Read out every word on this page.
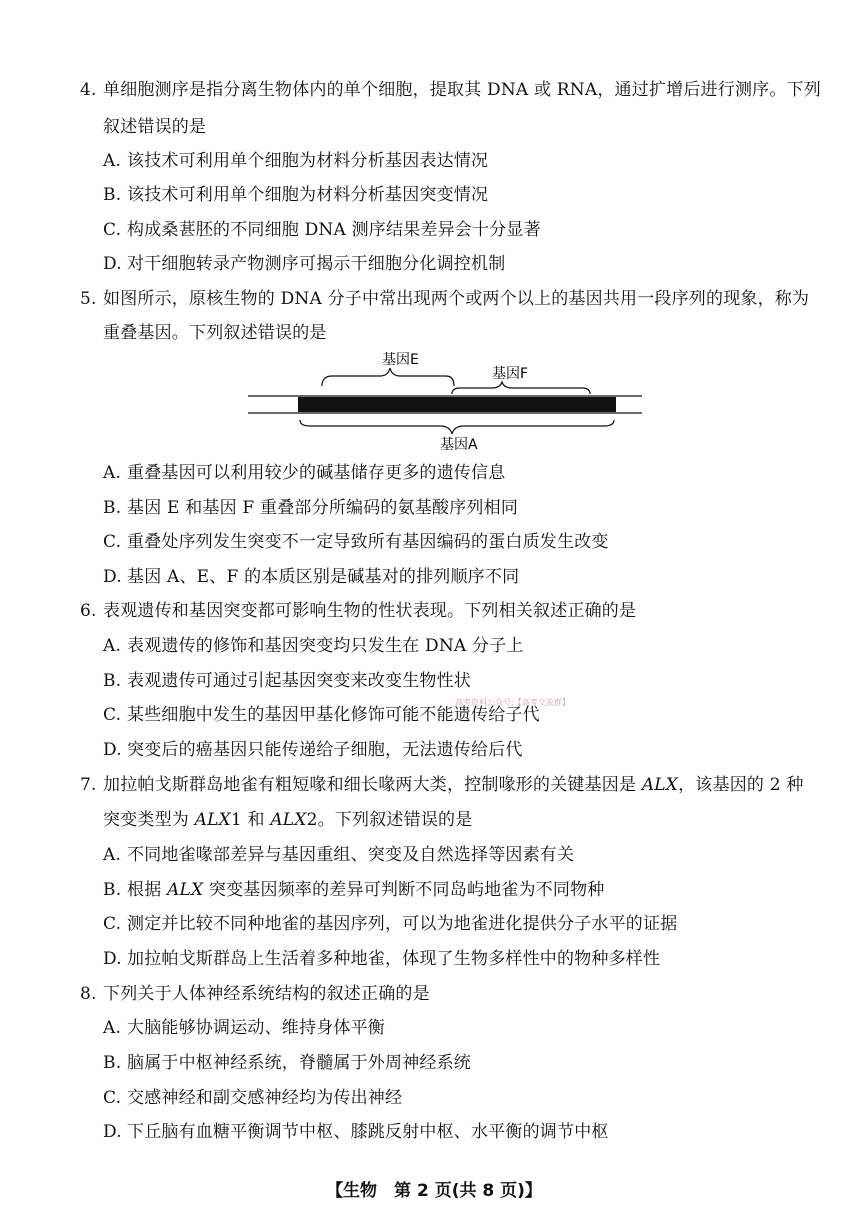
4. 单细胞测序是指分离生物体内的单个细胞，提取其 DNA 或 RNA，通过扩增后进行测序。下列
叙述错误的是
A. 该技术可利用单个细胞为材料分析基因表达情况
B. 该技术可利用单个细胞为材料分析基因突变情况
C. 构成桑葚胚的不同细胞 DNA 测序结果差异会十分显著
D. 对干细胞转录产物测序可揭示干细胞分化调控机制
5. 如图所示，原核生物的 DNA 分子中常出现两个或两个以上的基因共用一段序列的现象，称为
重叠基因。下列叙述错误的是
基因E
基因F
基因A
A. 重叠基因可以利用较少的碱基储存更多的遗传信息
B. 基因 E 和基因 F 重叠部分所编码的氨基酸序列相同
C. 重叠处序列发生突变不一定导致所有基因编码的蛋白质发生改变
D. 基因 A、E、F 的本质区别是碱基对的排列顺序不同
6. 表观遗传和基因突变都可影响生物的性状表现。下列相关叙述正确的是
A. 表观遗传的修饰和基因突变均只发生在 DNA 分子上
B. 表观遗传可通过引起基因突变来改变生物性状
C. 某些细胞中发生的基因甲基化修饰可能不能遗传给子代
D. 突变后的癌基因只能传递给子细胞，无法遗传给后代
高考资料公众号:【高考交流群】
7. 加拉帕戈斯群岛地雀有粗短喙和细长喙两大类，控制喙形的关键基因是 ALX，该基因的 2 种
突变类型为 ALX1 和 ALX2。下列叙述错误的是
A. 不同地雀喙部差异与基因重组、突变及自然选择等因素有关
B. 根据 ALX 突变基因频率的差异可判断不同岛屿地雀为不同物种
C. 测定并比较不同种地雀的基因序列，可以为地雀进化提供分子水平的证据
D. 加拉帕戈斯群岛上生活着多种地雀，体现了生物多样性中的物种多样性
8. 下列关于人体神经系统结构的叙述正确的是
A. 大脑能够协调运动、维持身体平衡
B. 脑属于中枢神经系统，脊髓属于外周神经系统
C. 交感神经和副交感神经均为传出神经
D. 下丘脑有血糖平衡调节中枢、膝跳反射中枢、水平衡的调节中枢
【生物　第 2 页(共 8 页)】
